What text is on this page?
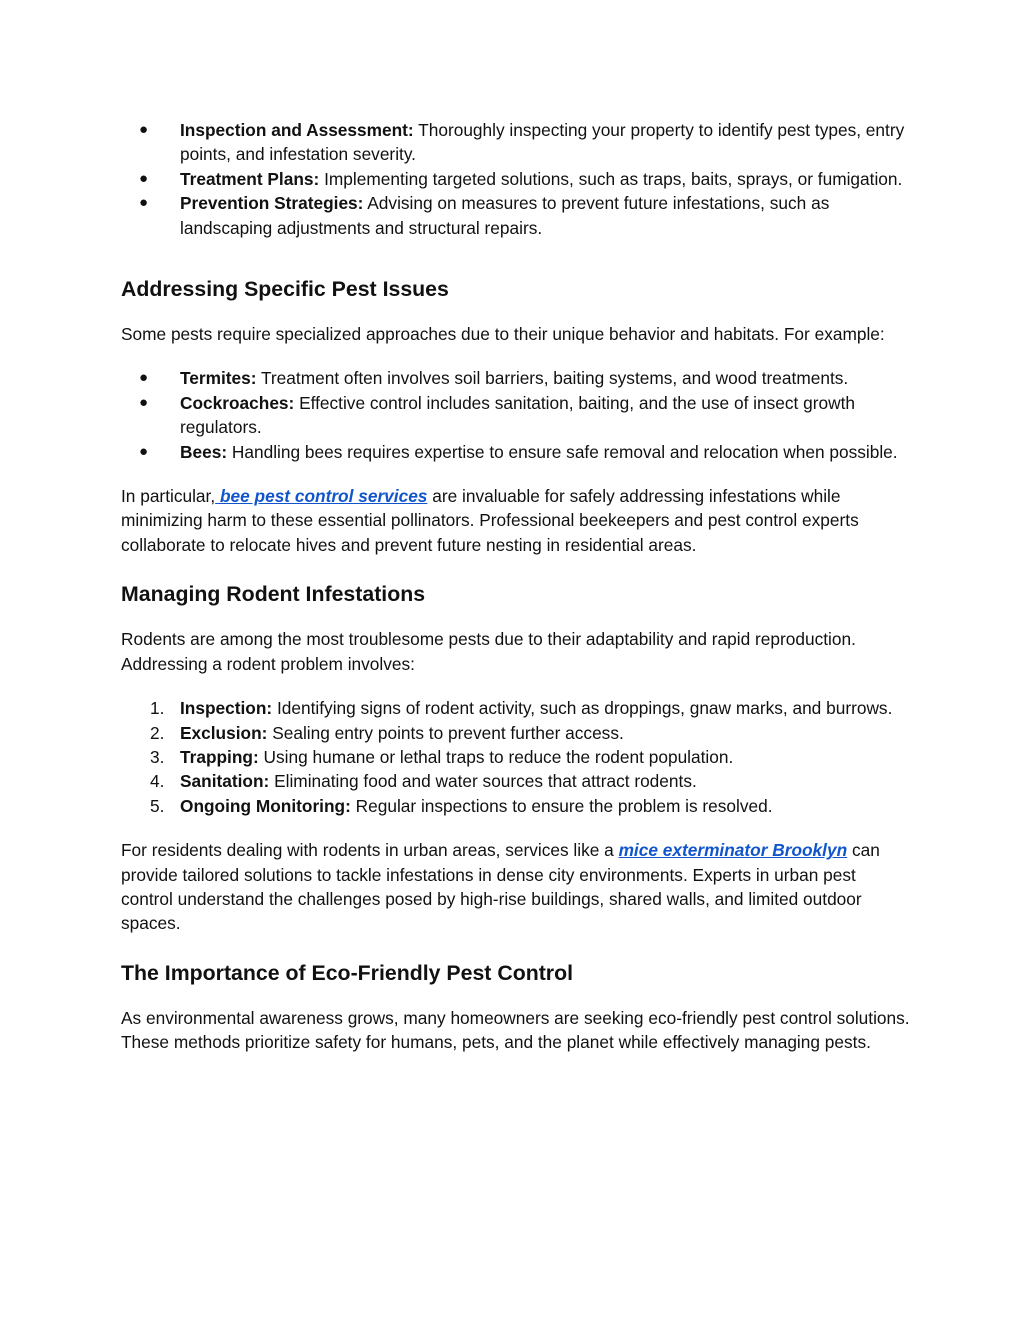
●	Inspection and Assessment: Thoroughly inspecting your property to identify pest types, entry points, and infestation severity.
●	Treatment Plans: Implementing targeted solutions, such as traps, baits, sprays, or fumigation.
●	Prevention Strategies: Advising on measures to prevent future infestations, such as landscaping adjustments and structural repairs.
Addressing Specific Pest Issues

Some pests require specialized approaches due to their unique behavior and habitats. For example:

●	Termites: Treatment often involves soil barriers, baiting systems, and wood treatments.
●	Cockroaches: Effective control includes sanitation, baiting, and the use of insect growth regulators.
●	Bees: Handling bees requires expertise to ensure safe removal and relocation when possible.

In particular, bee pest control services are invaluable for safely addressing infestations while minimizing harm to these essential pollinators. Professional beekeepers and pest control experts collaborate to relocate hives and prevent future nesting in residential areas.

Managing Rodent Infestations

Rodents are among the most troublesome pests due to their adaptability and rapid reproduction. Addressing a rodent problem involves:

1. Inspection: Identifying signs of rodent activity, such as droppings, gnaw marks, and burrows.
2. Exclusion: Sealing entry points to prevent further access.
3. Trapping: Using humane or lethal traps to reduce the rodent population.
4. Sanitation: Eliminating food and water sources that attract rodents.
5. Ongoing Monitoring: Regular inspections to ensure the problem is resolved.

For residents dealing with rodents in urban areas, services like a mice exterminator Brooklyn can provide tailored solutions to tackle infestations in dense city environments. Experts in urban pest control understand the challenges posed by high-rise buildings, shared walls, and limited outdoor spaces.

The Importance of Eco-Friendly Pest Control

As environmental awareness grows, many homeowners are seeking eco-friendly pest control solutions. These methods prioritize safety for humans, pets, and the planet while effectively managing pests.
